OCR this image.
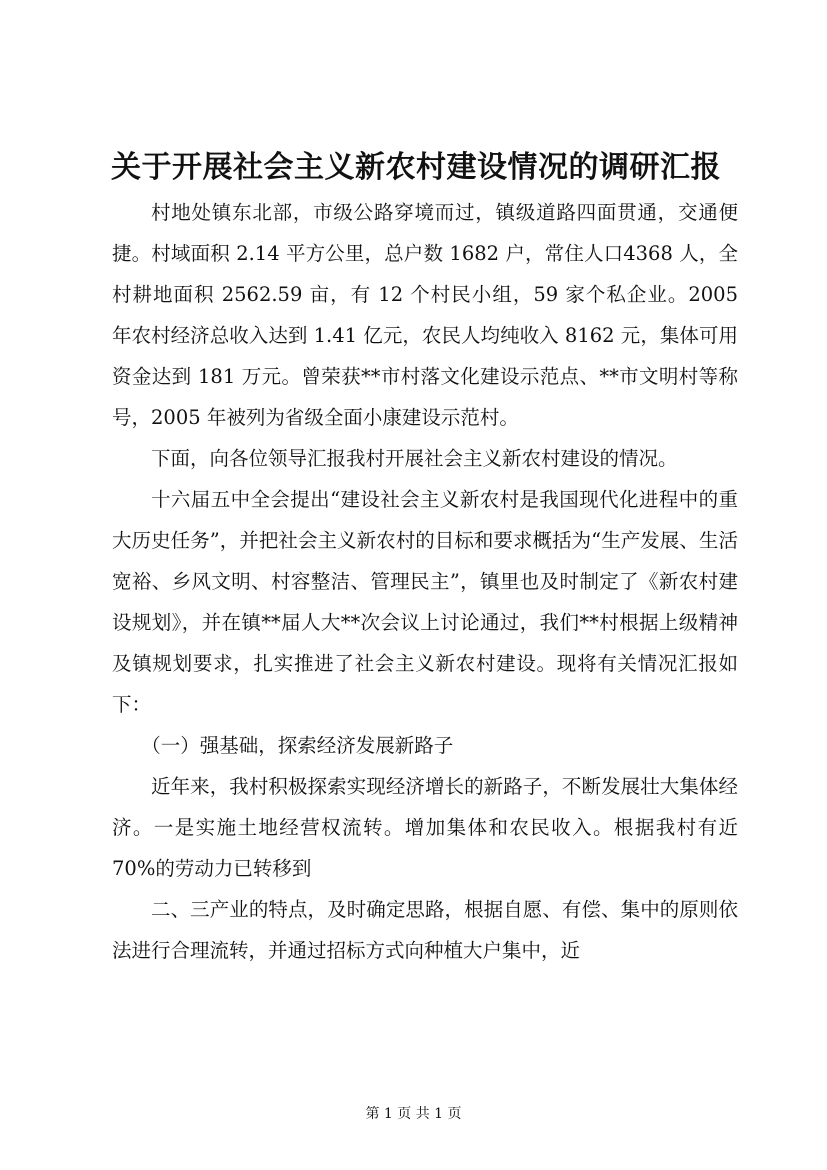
关于开展社会主义新农村建设情况的调研汇报

村地处镇东北部，市级公路穿境而过，镇级道路四面贯通，交通便捷。村域面积 2.14 平方公里，总户数 1682 户，常住人口4368 人，全村耕地面积 2562.59 亩，有 12 个村民小组，59 家个私企业。2005 年农村经济总收入达到 1.41 亿元，农民人均纯收入 8162 元，集体可用资金达到 181 万元。曾荣获**市村落文化建设示范点、**市文明村等称号，2005 年被列为省级全面小康建设示范村。

下面，向各位领导汇报我村开展社会主义新农村建设的情况。

十六届五中全会提出“建设社会主义新农村是我国现代化进程中的重大历史任务”，并把社会主义新农村的目标和要求概括为“生产发展、生活宽裕、乡风文明、村容整洁、管理民主”，镇里也及时制定了《新农村建设规划》，并在镇**届人大**次会议上讨论通过，我们**村根据上级精神及镇规划要求，扎实推进了社会主义新农村建设。现将有关情况汇报如下：

（一）强基础，探索经济发展新路子

近年来，我村积极探索实现经济增长的新路子，不断发展壮大集体经济。一是实施土地经营权流转。增加集体和农民收入。根据我村有近 70%的劳动力已转移到

二、三产业的特点，及时确定思路，根据自愿、有偿、集中的原则依法进行合理流转，并通过招标方式向种植大户集中，近

第 1 页 共 1 页
